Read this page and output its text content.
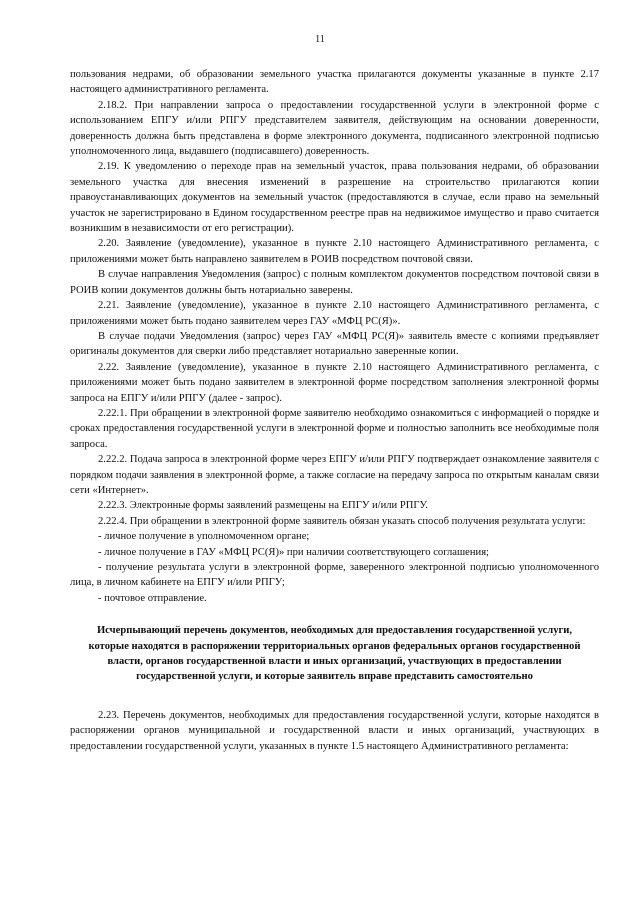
11

пользования недрами, об образовании земельного участка прилагаются документы указанные в пункте 2.17 настоящего административного регламента.

2.18.2. При направлении запроса о предоставлении государственной услуги в электронной форме с использованием ЕПГУ и/или РПГУ представителем заявителя, действующим на основании доверенности, доверенность должна быть представлена в форме электронного документа, подписанного электронной подписью уполномоченного лица, выдавшего (подписавшего) доверенность.

2.19. К уведомлению о переходе прав на земельный участок, права пользования недрами, об образовании земельного участка для внесения изменений в разрешение на строительство прилагаются копии правоустанавливающих документов на земельный участок (предоставляются в случае, если право на земельный участок не зарегистрировано в Едином государственном реестре прав на недвижимое имущество и право считается возникшим в независимости от его регистрации).

2.20. Заявление (уведомление), указанное в пункте 2.10 настоящего Административного регламента, с приложениями может быть направлено заявителем в РОИВ посредством почтовой связи.

В случае направления Уведомления (запрос) с полным комплектом документов посредством почтовой связи в РОИВ копии документов должны быть нотариально заверены.

2.21. Заявление (уведомление), указанное в пункте 2.10 настоящего Административного регламента, с приложениями может быть подано заявителем через ГАУ «МФЦ РС(Я)».

В случае подачи Уведомления (запрос) через ГАУ «МФЦ РС(Я)» заявитель вместе с копиями предъявляет оригиналы документов для сверки либо представляет нотариально заверенные копии.

2.22. Заявление (уведомление), указанное в пункте 2.10 настоящего Административного регламента, с приложениями может быть подано заявителем в электронной форме посредством заполнения электронной формы запроса на ЕПГУ и/или РПГУ (далее - запрос).

2.22.1. При обращении в электронной форме заявителю необходимо ознакомиться с информацией о порядке и сроках предоставления государственной услуги в электронной форме и полностью заполнить все необходимые поля запроса.

2.22.2. Подача запроса в электронной форме через ЕПГУ и/или РПГУ подтверждает ознакомление заявителя с порядком подачи заявления в электронной форме, а также согласие на передачу запроса по открытым каналам связи сети «Интернет».

2.22.3. Электронные формы заявлений размещены на ЕПГУ и/или РПГУ.

2.22.4. При обращении в электронной форме заявитель обязан указать способ получения результата услуги:

- личное получение в уполномоченном органе;

- личное получение в ГАУ «МФЦ РС(Я)» при наличии соответствующего соглашения;

- получение результата услуги в электронной форме, заверенного электронной подписью уполномоченного лица, в личном кабинете на ЕПГУ и/или РПГУ;

- почтовое отправление.

Исчерпывающий перечень документов, необходимых для предоставления государственной услуги, которые находятся в распоряжении территориальных органов федеральных органов государственной власти, органов государственной власти и иных организаций, участвующих в предоставлении государственной услуги, и которые заявитель вправе представить самостоятельно

2.23. Перечень документов, необходимых для предоставления государственной услуги, которые находятся в распоряжении органов муниципальной и государственной власти и иных организаций, участвующих в предоставлении государственной услуги, указанных в пункте 1.5 настоящего Административного регламента:
